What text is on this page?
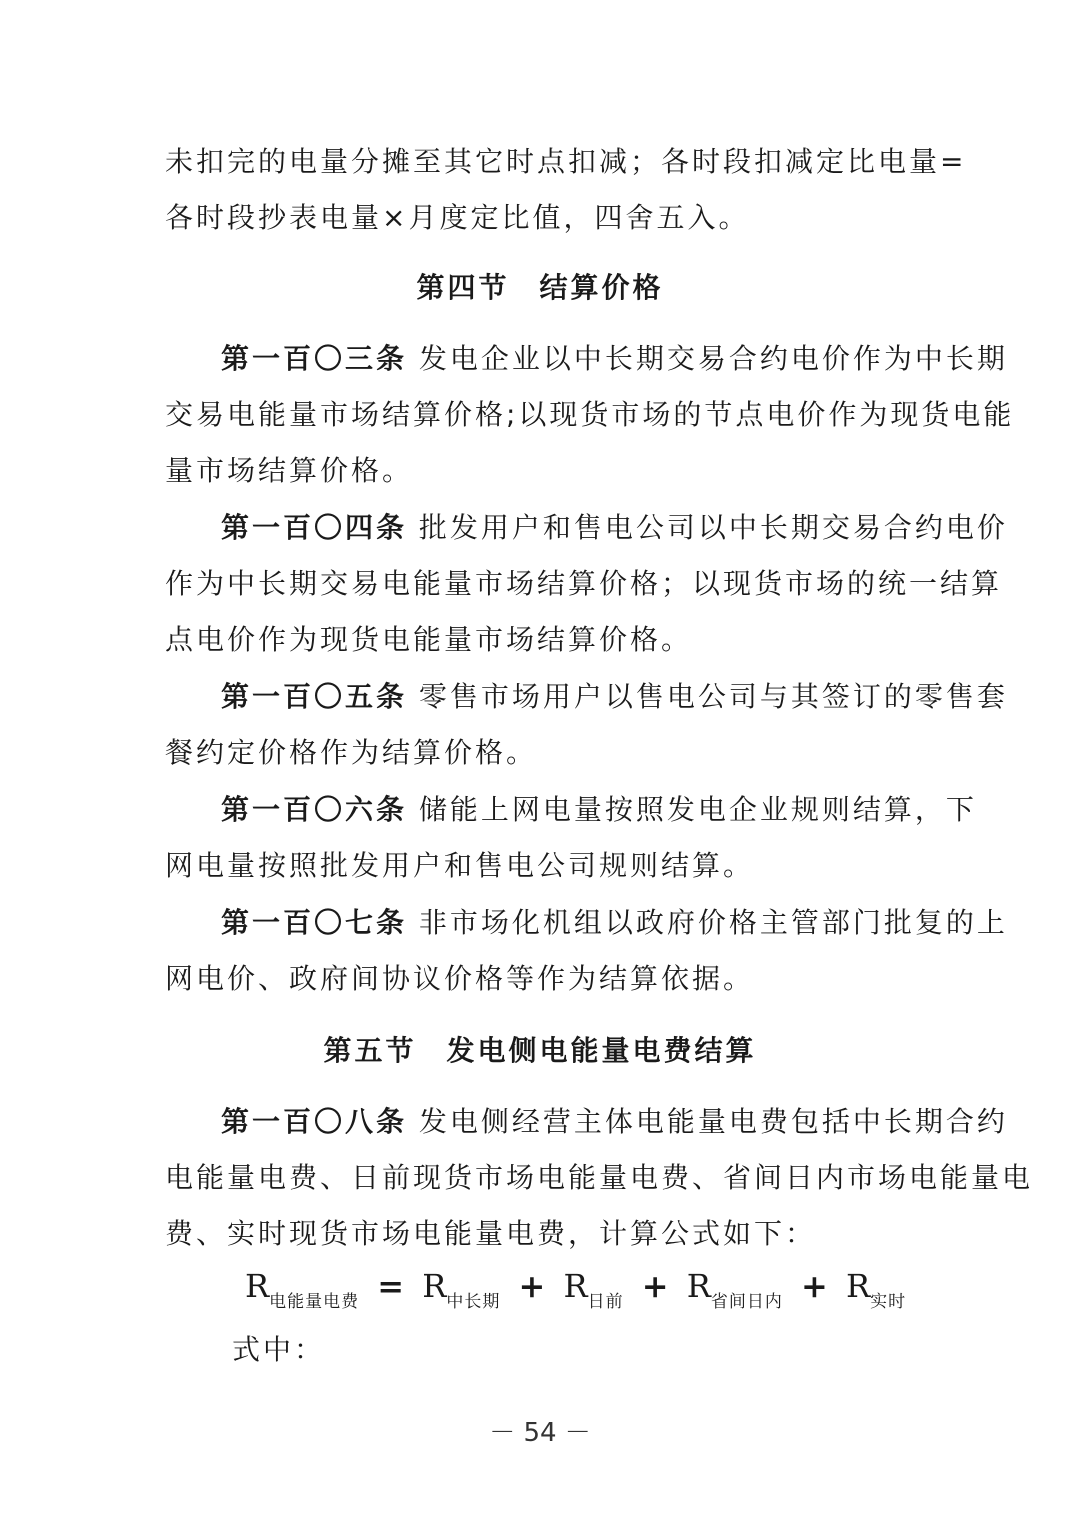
未扣完的电量分摊至其它时点扣减；各时段扣减定比电量=
各时段抄表电量×月度定比值，四舍五入。
第四节 结算价格
第一百〇三条 发电企业以中长期交易合约电价作为中长期
交易电能量市场结算价格;以现货市场的节点电价作为现货电能
量市场结算价格。
第一百〇四条 批发用户和售电公司以中长期交易合约电价
作为中长期交易电能量市场结算价格；以现货市场的统一结算
点电价作为现货电能量市场结算价格。
第一百〇五条 零售市场用户以售电公司与其签订的零售套
餐约定价格作为结算价格。
第一百〇六条 储能上网电量按照发电企业规则结算，下
网电量按照批发用户和售电公司规则结算。
第一百〇七条 非市场化机组以政府价格主管部门批复的上
网电价、政府间协议价格等作为结算依据。
第五节 发电侧电能量电费结算
第一百〇八条 发电侧经营主体电能量电费包括中长期合约
电能量电费、日前现货市场电能量电费、省间日内市场电能量电
费、实时现货市场电能量电费，计算公式如下：
$R_{电能量电费} = R_{中长期} + R_{日前} + R_{省间日内} + R_{实时}$
式中：
－ 54 －
